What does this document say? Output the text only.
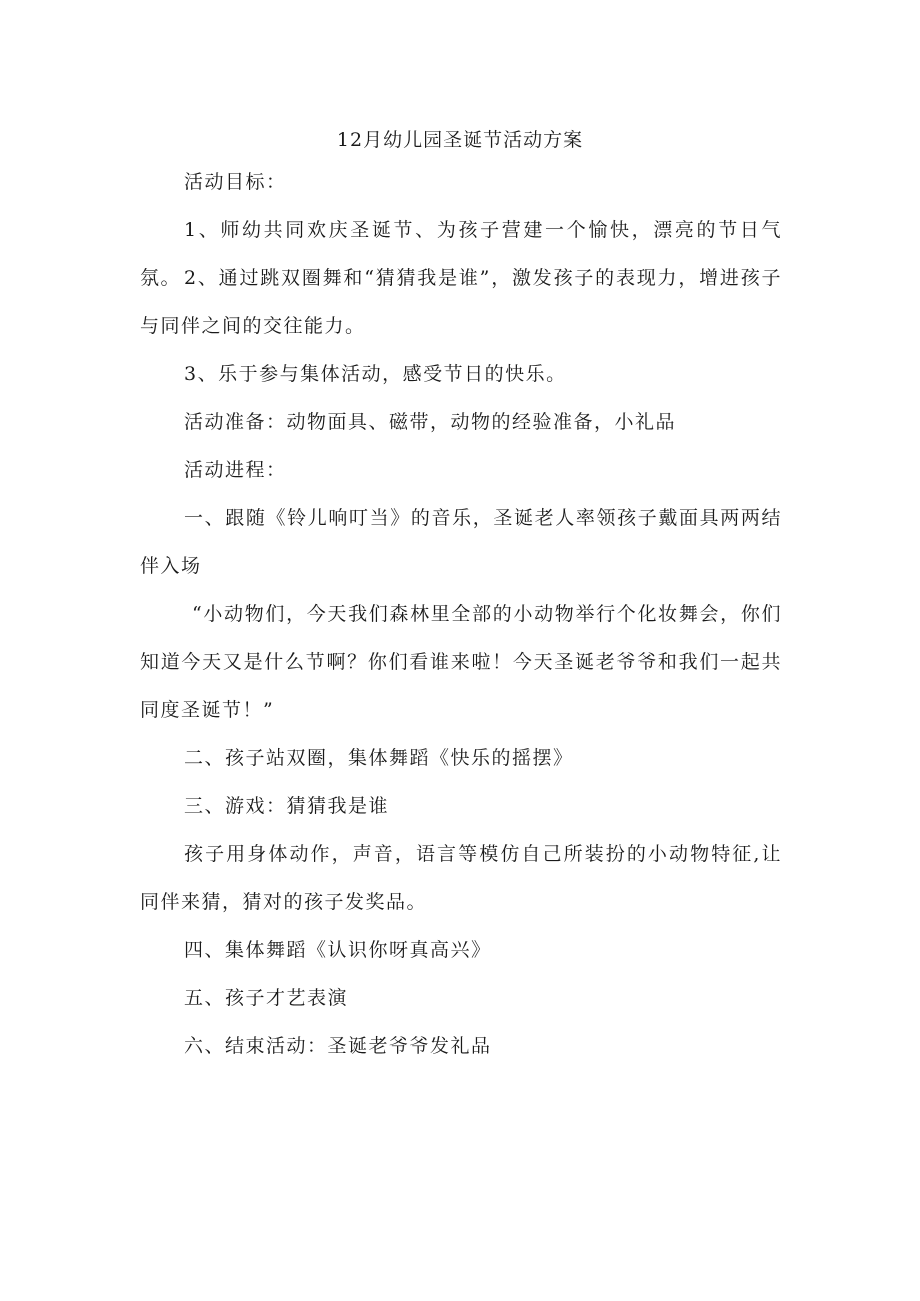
12月幼儿园圣诞节活动方案
活动目标：
1、师幼共同欢庆圣诞节、为孩子营建一个愉快，漂亮的节日气氛。 2、通过跳双圈舞和“猜猜我是谁”，激发孩子的表现力，增进孩子与同伴之间的交往能力。
3、乐于参与集体活动，感受节日的快乐。
活动准备：动物面具、磁带，动物的经验准备，小礼品
活动进程：
一、跟随《铃儿响叮当》的音乐，圣诞老人率领孩子戴面具两两结伴入场
“小动物们，今天我们森林里全部的小动物举行个化妆舞会，你们知道今天又是什么节啊？你们看谁来啦！今天圣诞老爷爷和我们一起共同度圣诞节！”
二、孩子站双圈，集体舞蹈《快乐的摇摆》
三、游戏：猜猜我是谁
孩子用身体动作，声音，语言等模仿自己所装扮的小动物特征,让同伴来猜，猜对的孩子发奖品。
四、集体舞蹈《认识你呀真高兴》
五、孩子才艺表演
六、结束活动：圣诞老爷爷发礼品
